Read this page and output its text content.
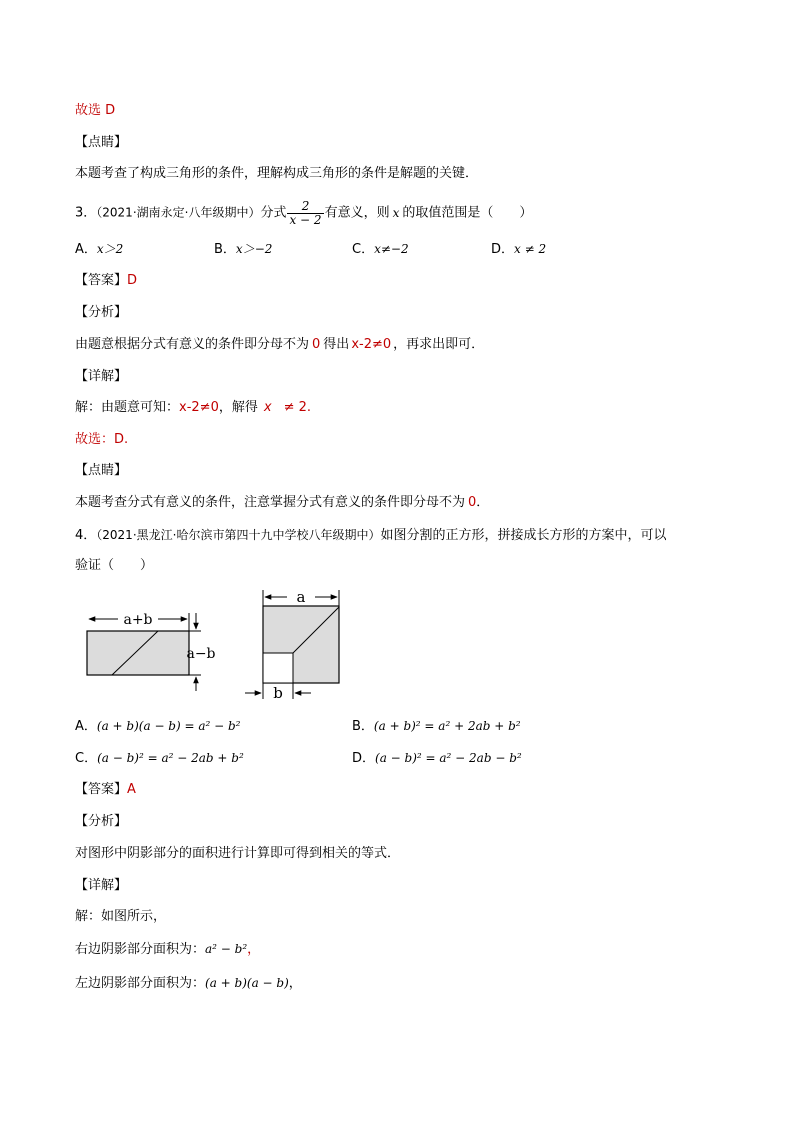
故选 D
【点睛】
本题考查了构成三角形的条件，理解构成三角形的条件是解题的关键．
3．（2021·湖南永定·八年级期中）分式 $\frac{2}{x - 2}$ 有意义，则 x 的取值范围是（　　）
A．x＞2	B．x＞−2	C．x≠−2	D．x ≠ 2
【答案】D
【分析】
由题意根据分式有意义的条件即分母不为 0 得出 x-2≠0 ，再求出即可．
【详解】
解：由题意可知：x-2≠0，解得 x ≠ 2.
故选：D.
【点睛】
本题考查分式有意义的条件，注意掌握分式有意义的条件即分母不为 0．
4．（2021·黑龙江·哈尔滨市第四十九中学校八年级期中）如图分割的正方形，拼接成长方形的方案中，可以
验证（　　）
a+b
a−b
a
b
A．(a + b)(a − b) = a² − b²	B．(a + b)² = a² + 2ab + b²
C．(a − b)² = a² − 2ab + b²	D．(a − b)² = a² − 2ab − b²
【答案】A
【分析】
对图形中阴影部分的面积进行计算即可得到相关的等式．
【详解】
解：如图所示，
右边阴影部分面积为：a² − b²，
左边阴影部分面积为：(a + b)(a − b)，
